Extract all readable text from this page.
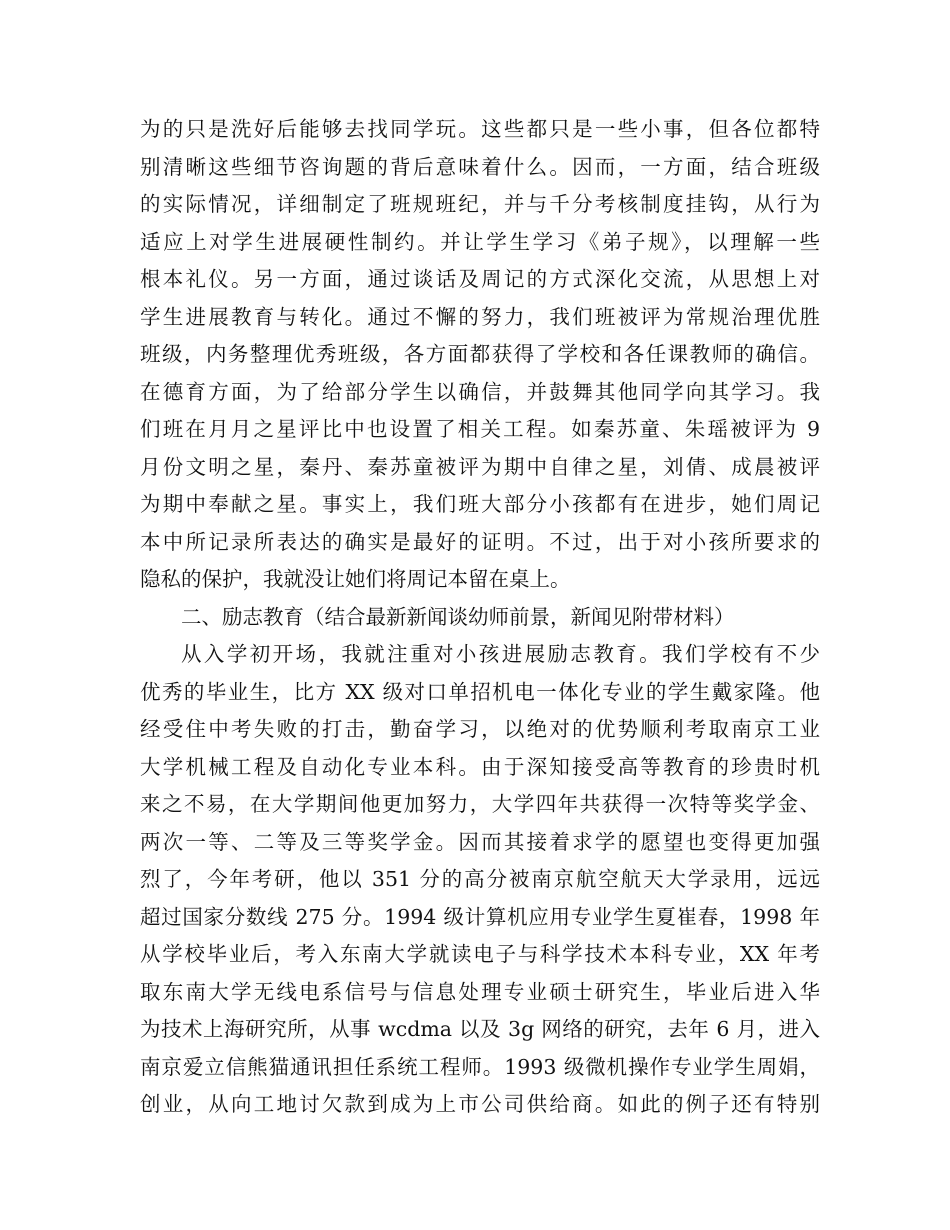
为的只是洗好后能够去找同学玩。这些都只是一些小事，但各位都特
别清晰这些细节咨询题的背后意味着什么。因而，一方面，结合班级
的实际情况，详细制定了班规班纪，并与千分考核制度挂钩，从行为
适应上对学生进展硬性制约。并让学生学习《弟子规》，以理解一些
根本礼仪。另一方面，通过谈话及周记的方式深化交流，从思想上对
学生进展教育与转化。通过不懈的努力，我们班被评为常规治理优胜
班级，内务整理优秀班级，各方面都获得了学校和各任课教师的确信。
在德育方面，为了给部分学生以确信，并鼓舞其他同学向其学习。我
们班在月月之星评比中也设置了相关工程。如秦苏童、朱瑶被评为 9
月份文明之星，秦丹、秦苏童被评为期中自律之星，刘倩、成晨被评
为期中奉献之星。事实上，我们班大部分小孩都有在进步，她们周记
本中所记录所表达的确实是最好的证明。不过，出于对小孩所要求的
隐私的保护，我就没让她们将周记本留在桌上。
二、励志教育（结合最新新闻谈幼师前景，新闻见附带材料）
从入学初开场，我就注重对小孩进展励志教育。我们学校有不少
优秀的毕业生，比方 XX 级对口单招机电一体化专业的学生戴家隆。他
经受住中考失败的打击，勤奋学习，以绝对的优势顺利考取南京工业
大学机械工程及自动化专业本科。由于深知接受高等教育的珍贵时机
来之不易，在大学期间他更加努力，大学四年共获得一次特等奖学金、
两次一等、二等及三等奖学金。因而其接着求学的愿望也变得更加强
烈了，今年考研，他以 351 分的高分被南京航空航天大学录用，远远
超过国家分数线 275 分。1994 级计算机应用专业学生夏崔春，1998 年
从学校毕业后，考入东南大学就读电子与科学技术本科专业，XX 年考
取东南大学无线电系信号与信息处理专业硕士研究生，毕业后进入华
为技术上海研究所，从事 wcdma 以及 3g 网络的研究，去年 6 月，进入
南京爱立信熊猫通讯担任系统工程师。1993 级微机操作专业学生周娟，
创业，从向工地讨欠款到成为上市公司供给商。如此的例子还有特别
